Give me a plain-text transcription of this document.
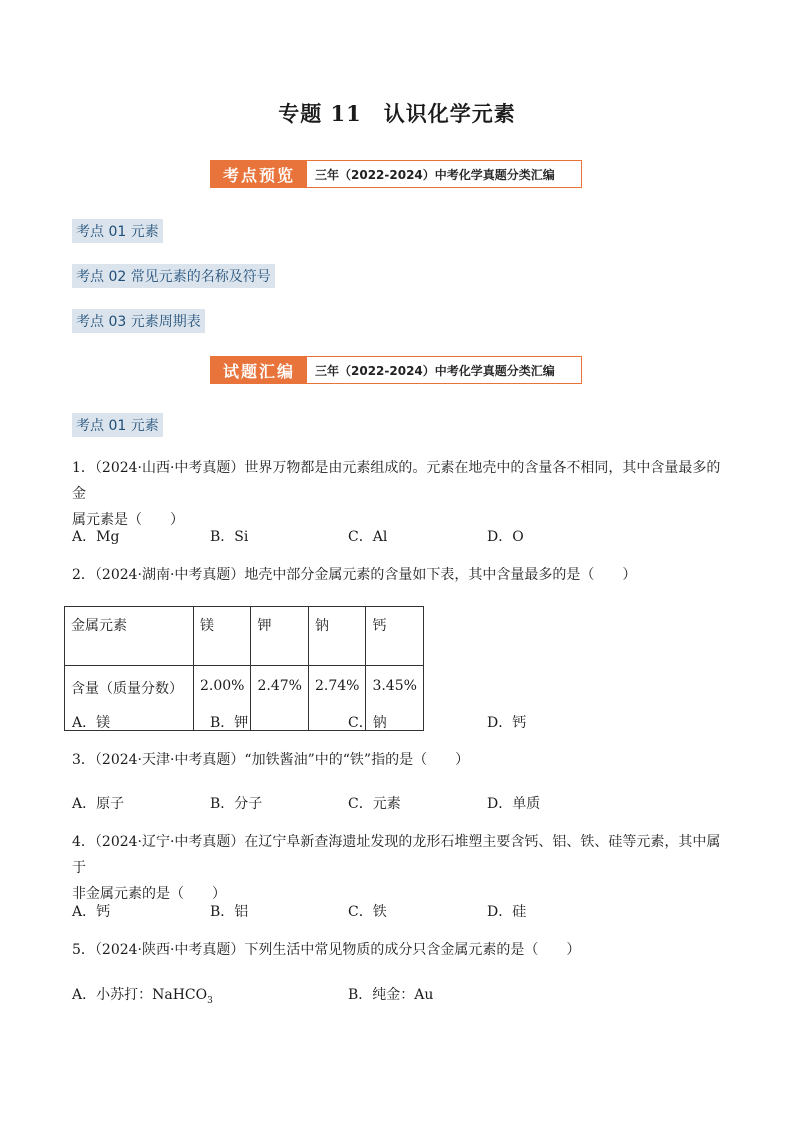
专题 11　认识化学元素
考点预览	三年（2022-2024）中考化学真题分类汇编
考点 01 元素
考点 02 常见元素的名称及符号
考点 03 元素周期表
试题汇编	三年（2022-2024）中考化学真题分类汇编
考点 01 元素
1．（2024·山西·中考真题）世界万物都是由元素组成的。元素在地壳中的含量各不相同，其中含量最多的金
属元素是（　　）
A．Mg	B．Si	C．Al	D．O
2．（2024·湖南·中考真题）地壳中部分金属元素的含量如下表，其中含量最多的是（　　）
金属元素	镁	钾	钠	钙
含量（质量分数）	2.00%	2.47%	2.74%	3.45%
A．镁	B．钾	C．钠	D．钙
3．（2024·天津·中考真题）“加铁酱油”中的“铁”指的是（　　）
A．原子	B．分子	C．元素	D．单质
4．（2024·辽宁·中考真题）在辽宁阜新查海遗址发现的龙形石堆塑主要含钙、铝、铁、硅等元素，其中属于
非金属元素的是（　　）
A．钙	B．铝	C．铁	D．硅
5．（2024·陕西·中考真题）下列生活中常见物质的成分只含金属元素的是（　　）
A．小苏打：NaHCO$_3$	B．纯金：Au
